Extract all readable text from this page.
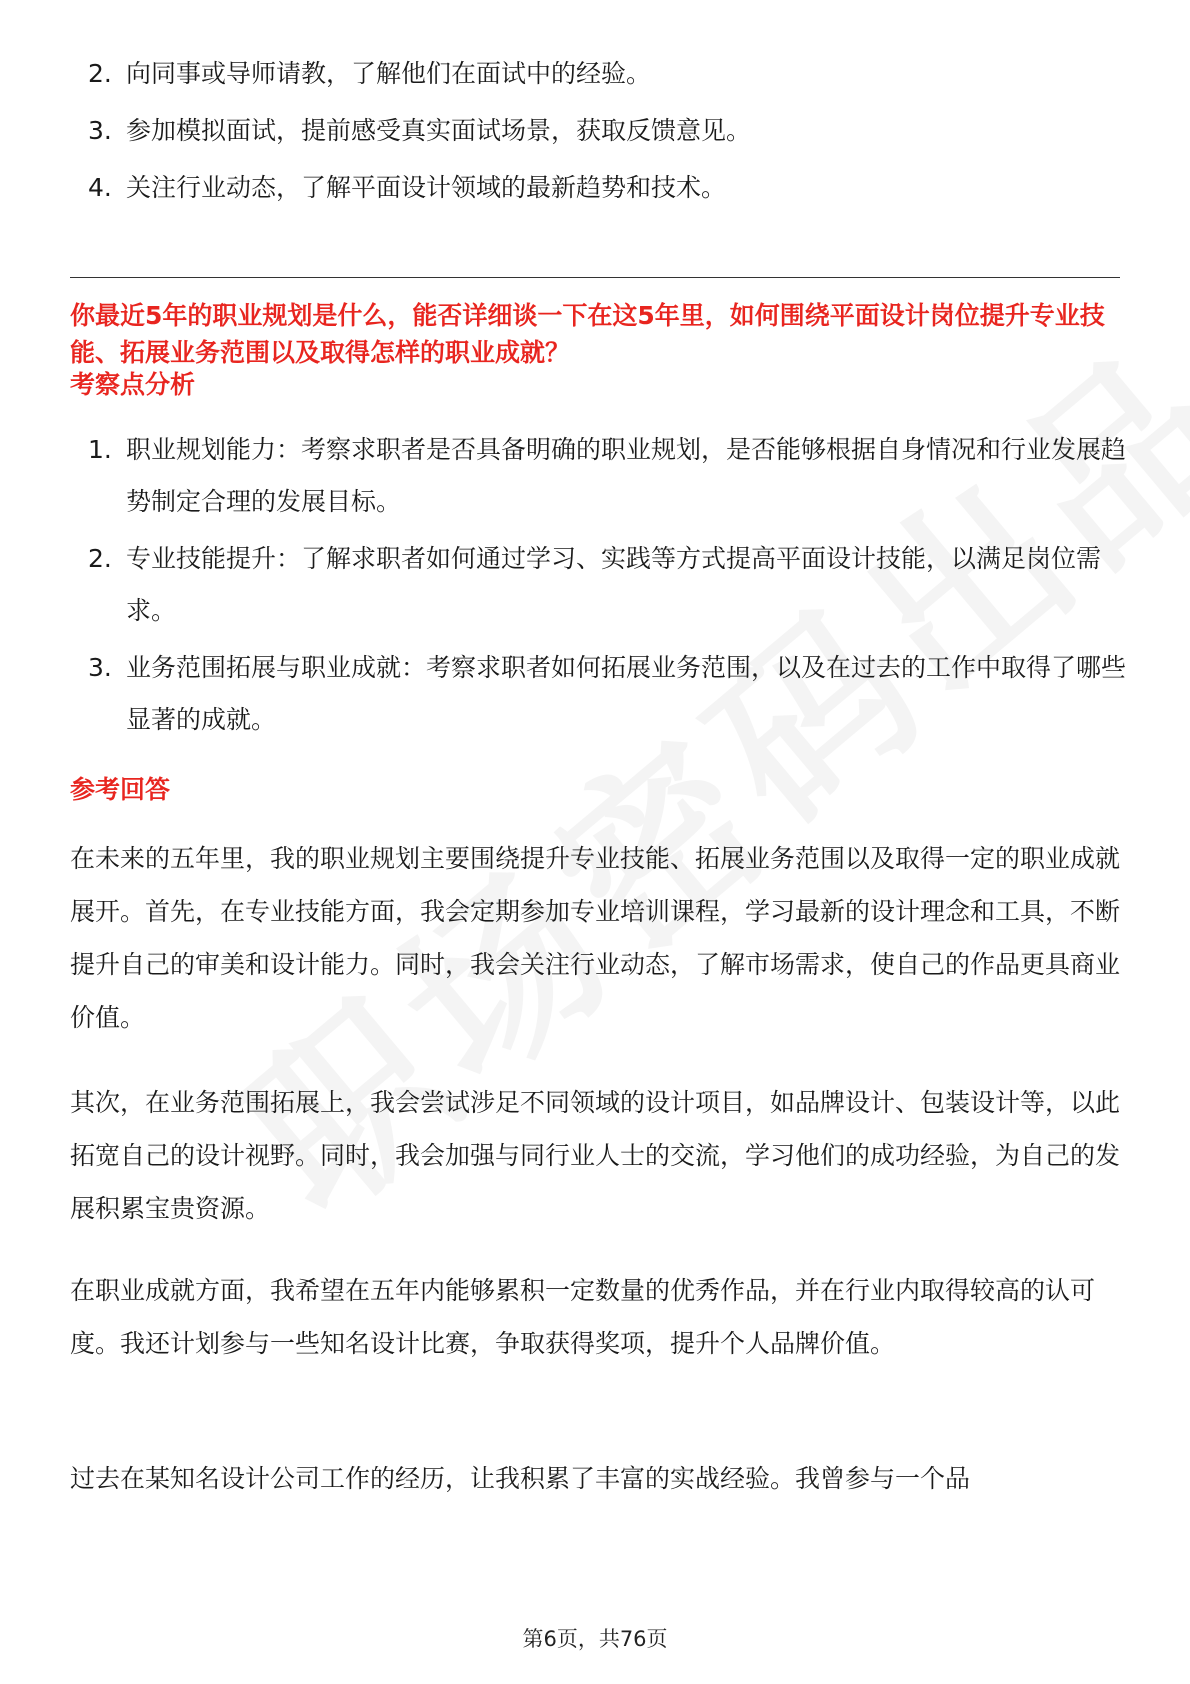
2. 向同事或导师请教，了解他们在面试中的经验。
3. 参加模拟面试，提前感受真实面试场景，获取反馈意见。
4. 关注行业动态，了解平面设计领域的最新趋势和技术。
你最近5年的职业规划是什么，能否详细谈一下在这5年里，如何围绕平面设计岗位提升专业技能、拓展业务范围以及取得怎样的职业成就？
考察点分析
1. 职业规划能力：考察求职者是否具备明确的职业规划，是否能够根据自身情况和行业发展趋势制定合理的发展目标。
2. 专业技能提升：了解求职者如何通过学习、实践等方式提高平面设计技能，以满足岗位需求。
3. 业务范围拓展与职业成就：考察求职者如何拓展业务范围，以及在过去的工作中取得了哪些显著的成就。
参考回答
在未来的五年里，我的职业规划主要围绕提升专业技能、拓展业务范围以及取得一定的职业成就展开。首先，在专业技能方面，我会定期参加专业培训课程，学习最新的设计理念和工具，不断提升自己的审美和设计能力。同时，我会关注行业动态，了解市场需求，使自己的作品更具商业价值。
其次，在业务范围拓展上，我会尝试涉足不同领域的设计项目，如品牌设计、包装设计等，以此拓宽自己的设计视野。同时，我会加强与同行业人士的交流，学习他们的成功经验，为自己的发展积累宝贵资源。
在职业成就方面，我希望在五年内能够累积一定数量的优秀作品，并在行业内取得较高的认可度。我还计划参与一些知名设计比赛，争取获得奖项，提升个人品牌价值。
过去在某知名设计公司工作的经历，让我积累了丰富的实战经验。我曾参与一个品
第6页，共76页
